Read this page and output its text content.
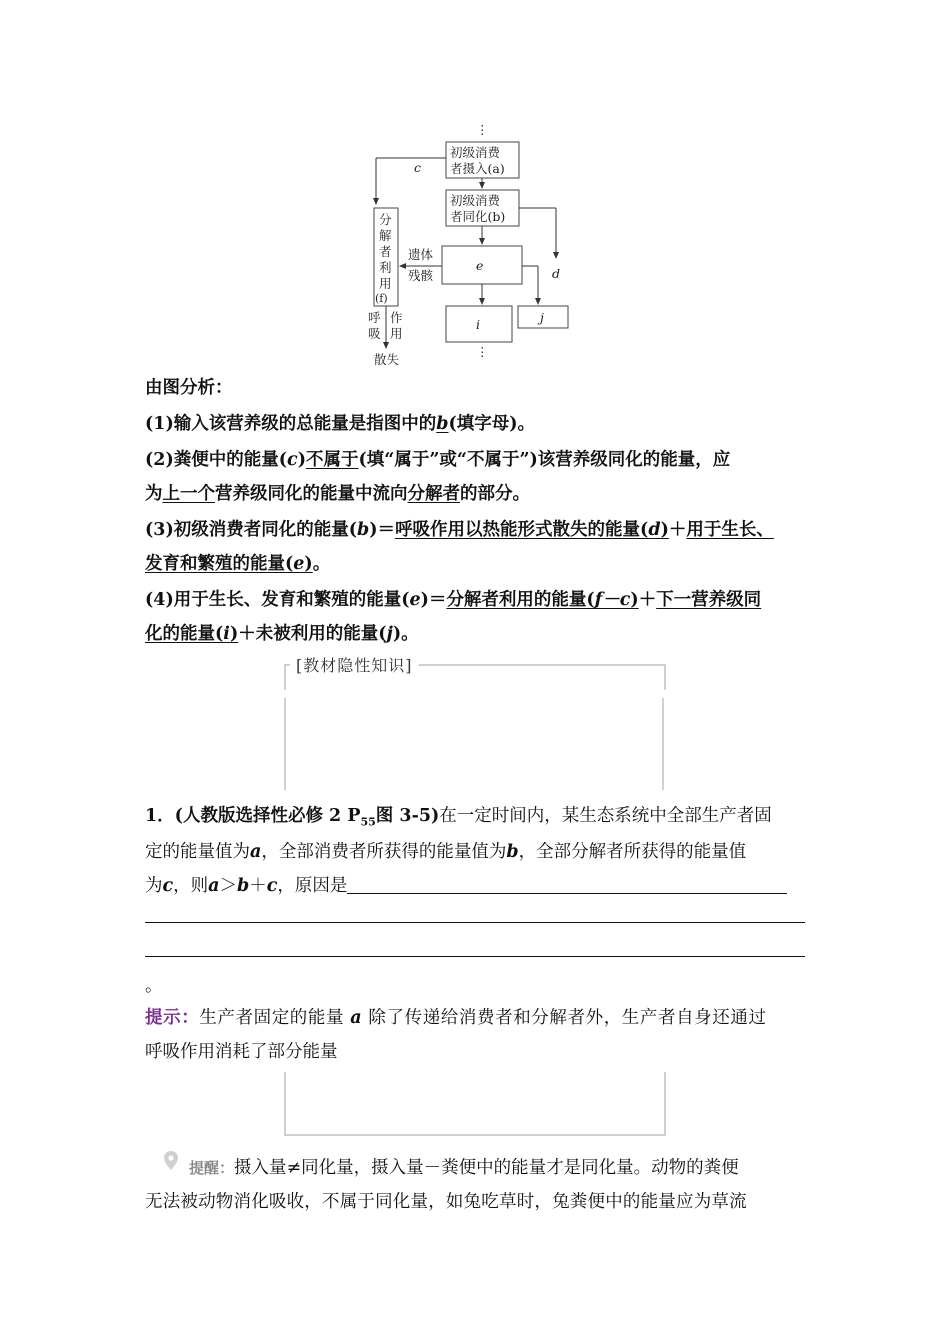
⋮
初级消费
者摄入(a)
初级消费
者同化(b)
e
i	j
d
c
分
解
者
利
用
(f)
遗体
残骸
呼
吸
作
用
散失
⋮
由图分析：
(1)输入该营养级的总能量是指图中的b(填字母)。
(2)粪便中的能量(c)不属于(填“属于”或“不属于”)该营养级同化的能量，应
为上一个营养级同化的能量中流向分解者的部分。
(3)初级消费者同化的能量(b)＝呼吸作用以热能形式散失的能量(d)＋用于生长、
发育和繁殖的能量(e)。
(4)用于生长、发育和繁殖的能量(e)＝分解者利用的能量(f－c)＋下一营养级同
化的能量(i)＋未被利用的能量(j)。
[教材隐性知识]
1．(人教版选择性必修 2 $P_{55}$图 3-5)在一定时间内，某生态系统中全部生产者固
定的能量值为a，全部消费者所获得的能量值为b，全部分解者所获得的能量值
为c，则a＞b＋c，原因是
。
提示：生产者固定的能量 a 除了传递给消费者和分解者外，生产者自身还通过
呼吸作用消耗了部分能量
提醒：摄入量≠同化量，摄入量－粪便中的能量才是同化量。动物的粪便
无法被动物消化吸收，不属于同化量，如兔吃草时，兔粪便中的能量应为草流
